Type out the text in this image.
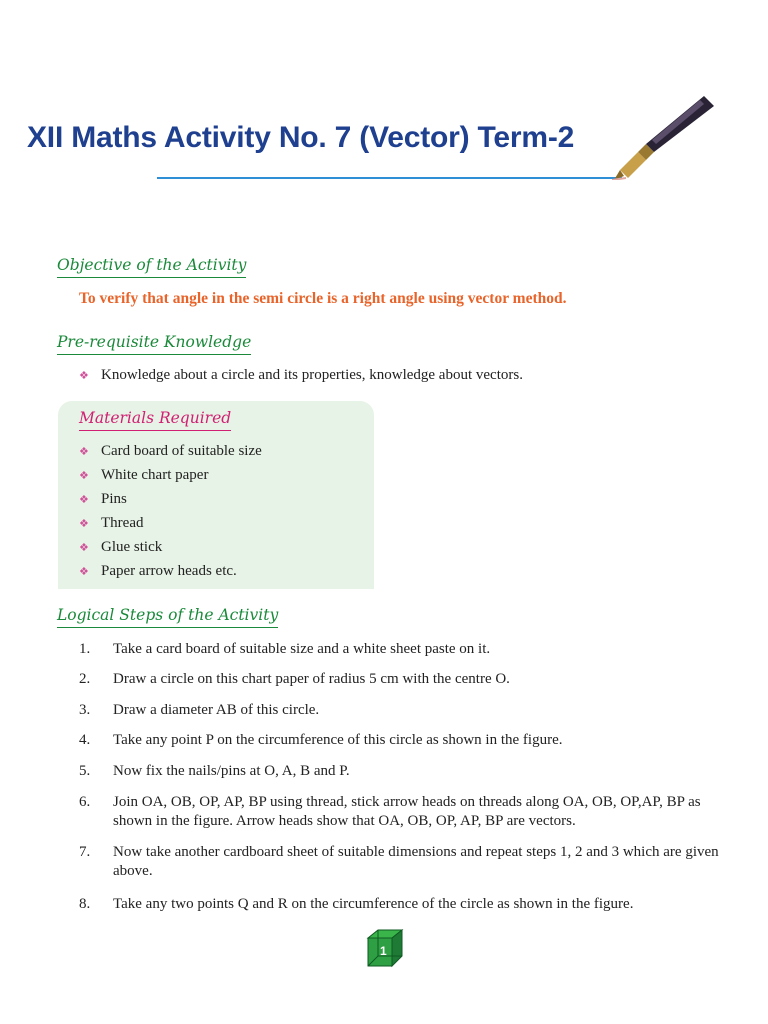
XII Maths Activity No. 7 (Vector) Term-2
Objective of the Activity
To verify that angle in the semi circle is a right angle using vector method.
Pre-requisite Knowledge
❖ Knowledge about a circle and its properties, knowledge about vectors.
Materials Required
❖ Card board of suitable size
❖ White chart paper
❖ Pins
❖ Thread
❖ Glue stick
❖ Paper arrow heads etc.
Logical Steps of the Activity
1.	Take a card board of suitable size and a white sheet paste on it.
2.	Draw a circle on this chart paper of radius 5 cm with the centre O.
3.	Draw a diameter AB of this circle.
4.	Take any point P on the circumference of this circle as shown in the figure.
5.	Now fix the nails/pins at O, A, B and P.
6.	Join OA, OB, OP, AP, BP using thread, stick arrow heads on threads along OA, OB, OP,AP, BP as shown in the figure. Arrow heads show that OA, OB, OP, AP, BP are vectors.
7.	Now take another cardboard sheet of suitable dimensions and repeat steps 1, 2 and 3 which are given above.
8.	Take any two points Q and R on the circumference of the circle as shown in the figure.
1
